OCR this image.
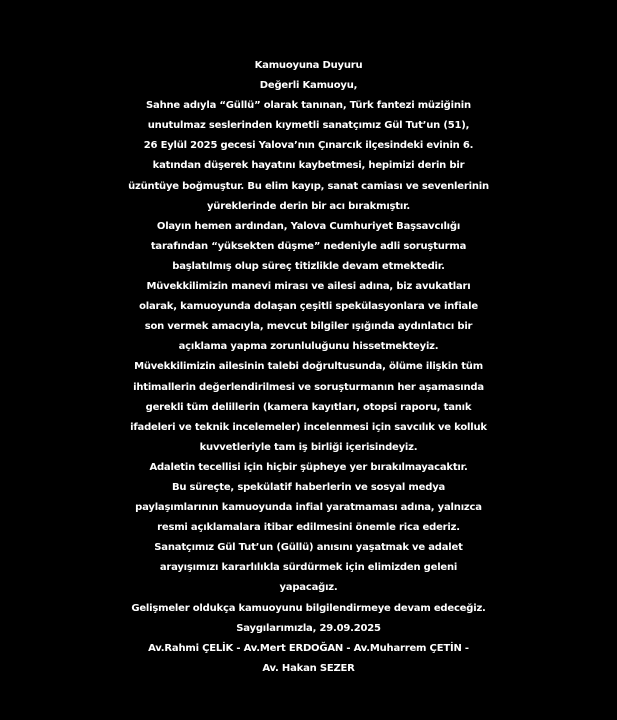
Kamuoyuna Duyuru
Değerli Kamuoyu,
Sahne adıyla “Güllü” olarak tanınan, Türk fantezi müziğinin
unutulmaz seslerinden kıymetli sanatçımız Gül Tut’un (51),
26 Eylül 2025 gecesi Yalova’nın Çınarcık ilçesindeki evinin 6.
katından düşerek hayatını kaybetmesi, hepimizi derin bir
üzüntüye boğmuştur. Bu elim kayıp, sanat camiası ve sevenlerinin
yüreklerinde derin bir acı bırakmıştır.
Olayın hemen ardından, Yalova Cumhuriyet Başsavcılığı
tarafından “yüksekten düşme” nedeniyle adli soruşturma
başlatılmış olup süreç titizlikle devam etmektedir.
Müvekkilimizin manevi mirası ve ailesi adına, biz avukatları
olarak, kamuoyunda dolaşan çeşitli spekülasyonlara ve infiale
son vermek amacıyla, mevcut bilgiler ışığında aydınlatıcı bir
açıklama yapma zorunluluğunu hissetmekteyiz.
Müvekkilimizin ailesinin talebi doğrultusunda, ölüme ilişkin tüm
ihtimallerin değerlendirilmesi ve soruşturmanın her aşamasında
gerekli tüm delillerin (kamera kayıtları, otopsi raporu, tanık
ifadeleri ve teknik incelemeler) incelenmesi için savcılık ve kolluk
kuvvetleriyle tam iş birliği içerisindeyiz.
Adaletin tecellisi için hiçbir şüpheye yer bırakılmayacaktır.
Bu süreçte, spekülatif haberlerin ve sosyal medya
paylaşımlarının kamuoyunda infial yaratmaması adına, yalnızca
resmi açıklamalara itibar edilmesini önemle rica ederiz.
Sanatçımız Gül Tut’un (Güllü) anısını yaşatmak ve adalet
arayışımızı kararlılıkla sürdürmek için elimizden geleni
yapacağız.
Gelişmeler oldukça kamuoyunu bilgilendirmeye devam edeceğiz.
Saygılarımızla, 29.09.2025
Av.Rahmi ÇELİK - Av.Mert ERDOĞAN - Av.Muharrem ÇETİN -
Av. Hakan SEZER
